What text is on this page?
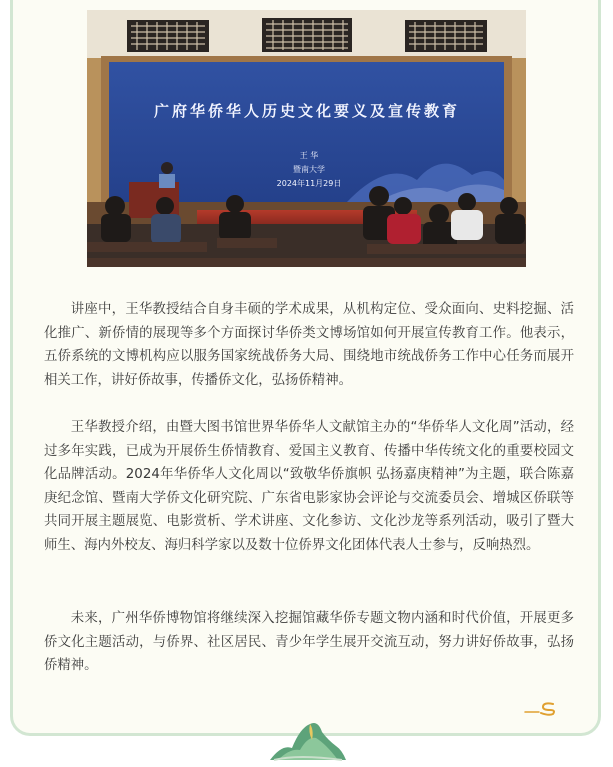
广府华侨华人历史文化要义及宣传教育
王 华
暨南大学
2024年11月29日

讲座中，王华教授结合自身丰硕的学术成果，从机构定位、受众面向、史料挖掘、活化推广、新侨情的展现等多个方面探讨华侨类文博场馆如何开展宣传教育工作。他表示，五侨系统的文博机构应以服务国家统战侨务大局、围绕地市统战侨务工作中心任务而展开相关工作，讲好侨故事，传播侨文化，弘扬侨精神。

王华教授介绍，由暨大图书馆世界华侨华人文献馆主办的“华侨华人文化周”活动，经过多年实践，已成为开展侨生侨情教育、爱国主义教育、传播中华传统文化的重要校园文化品牌活动。2024年华侨华人文化周以“致敬华侨旗帜 弘扬嘉庚精神”为主题，联合陈嘉庚纪念馆、暨南大学侨文化研究院、广东省电影家协会评论与交流委员会、增城区侨联等共同开展主题展览、电影赏析、学术讲座、文化参访、文化沙龙等系列活动，吸引了暨大师生、海内外校友、海归科学家以及数十位侨界文化团体代表人士参与，反响热烈。

未来，广州华侨博物馆将继续深入挖掘馆藏华侨专题文物内涵和时代价值，开展更多侨文化主题活动，与侨界、社区居民、青少年学生展开交流互动，努力讲好侨故事，弘扬侨精神。
